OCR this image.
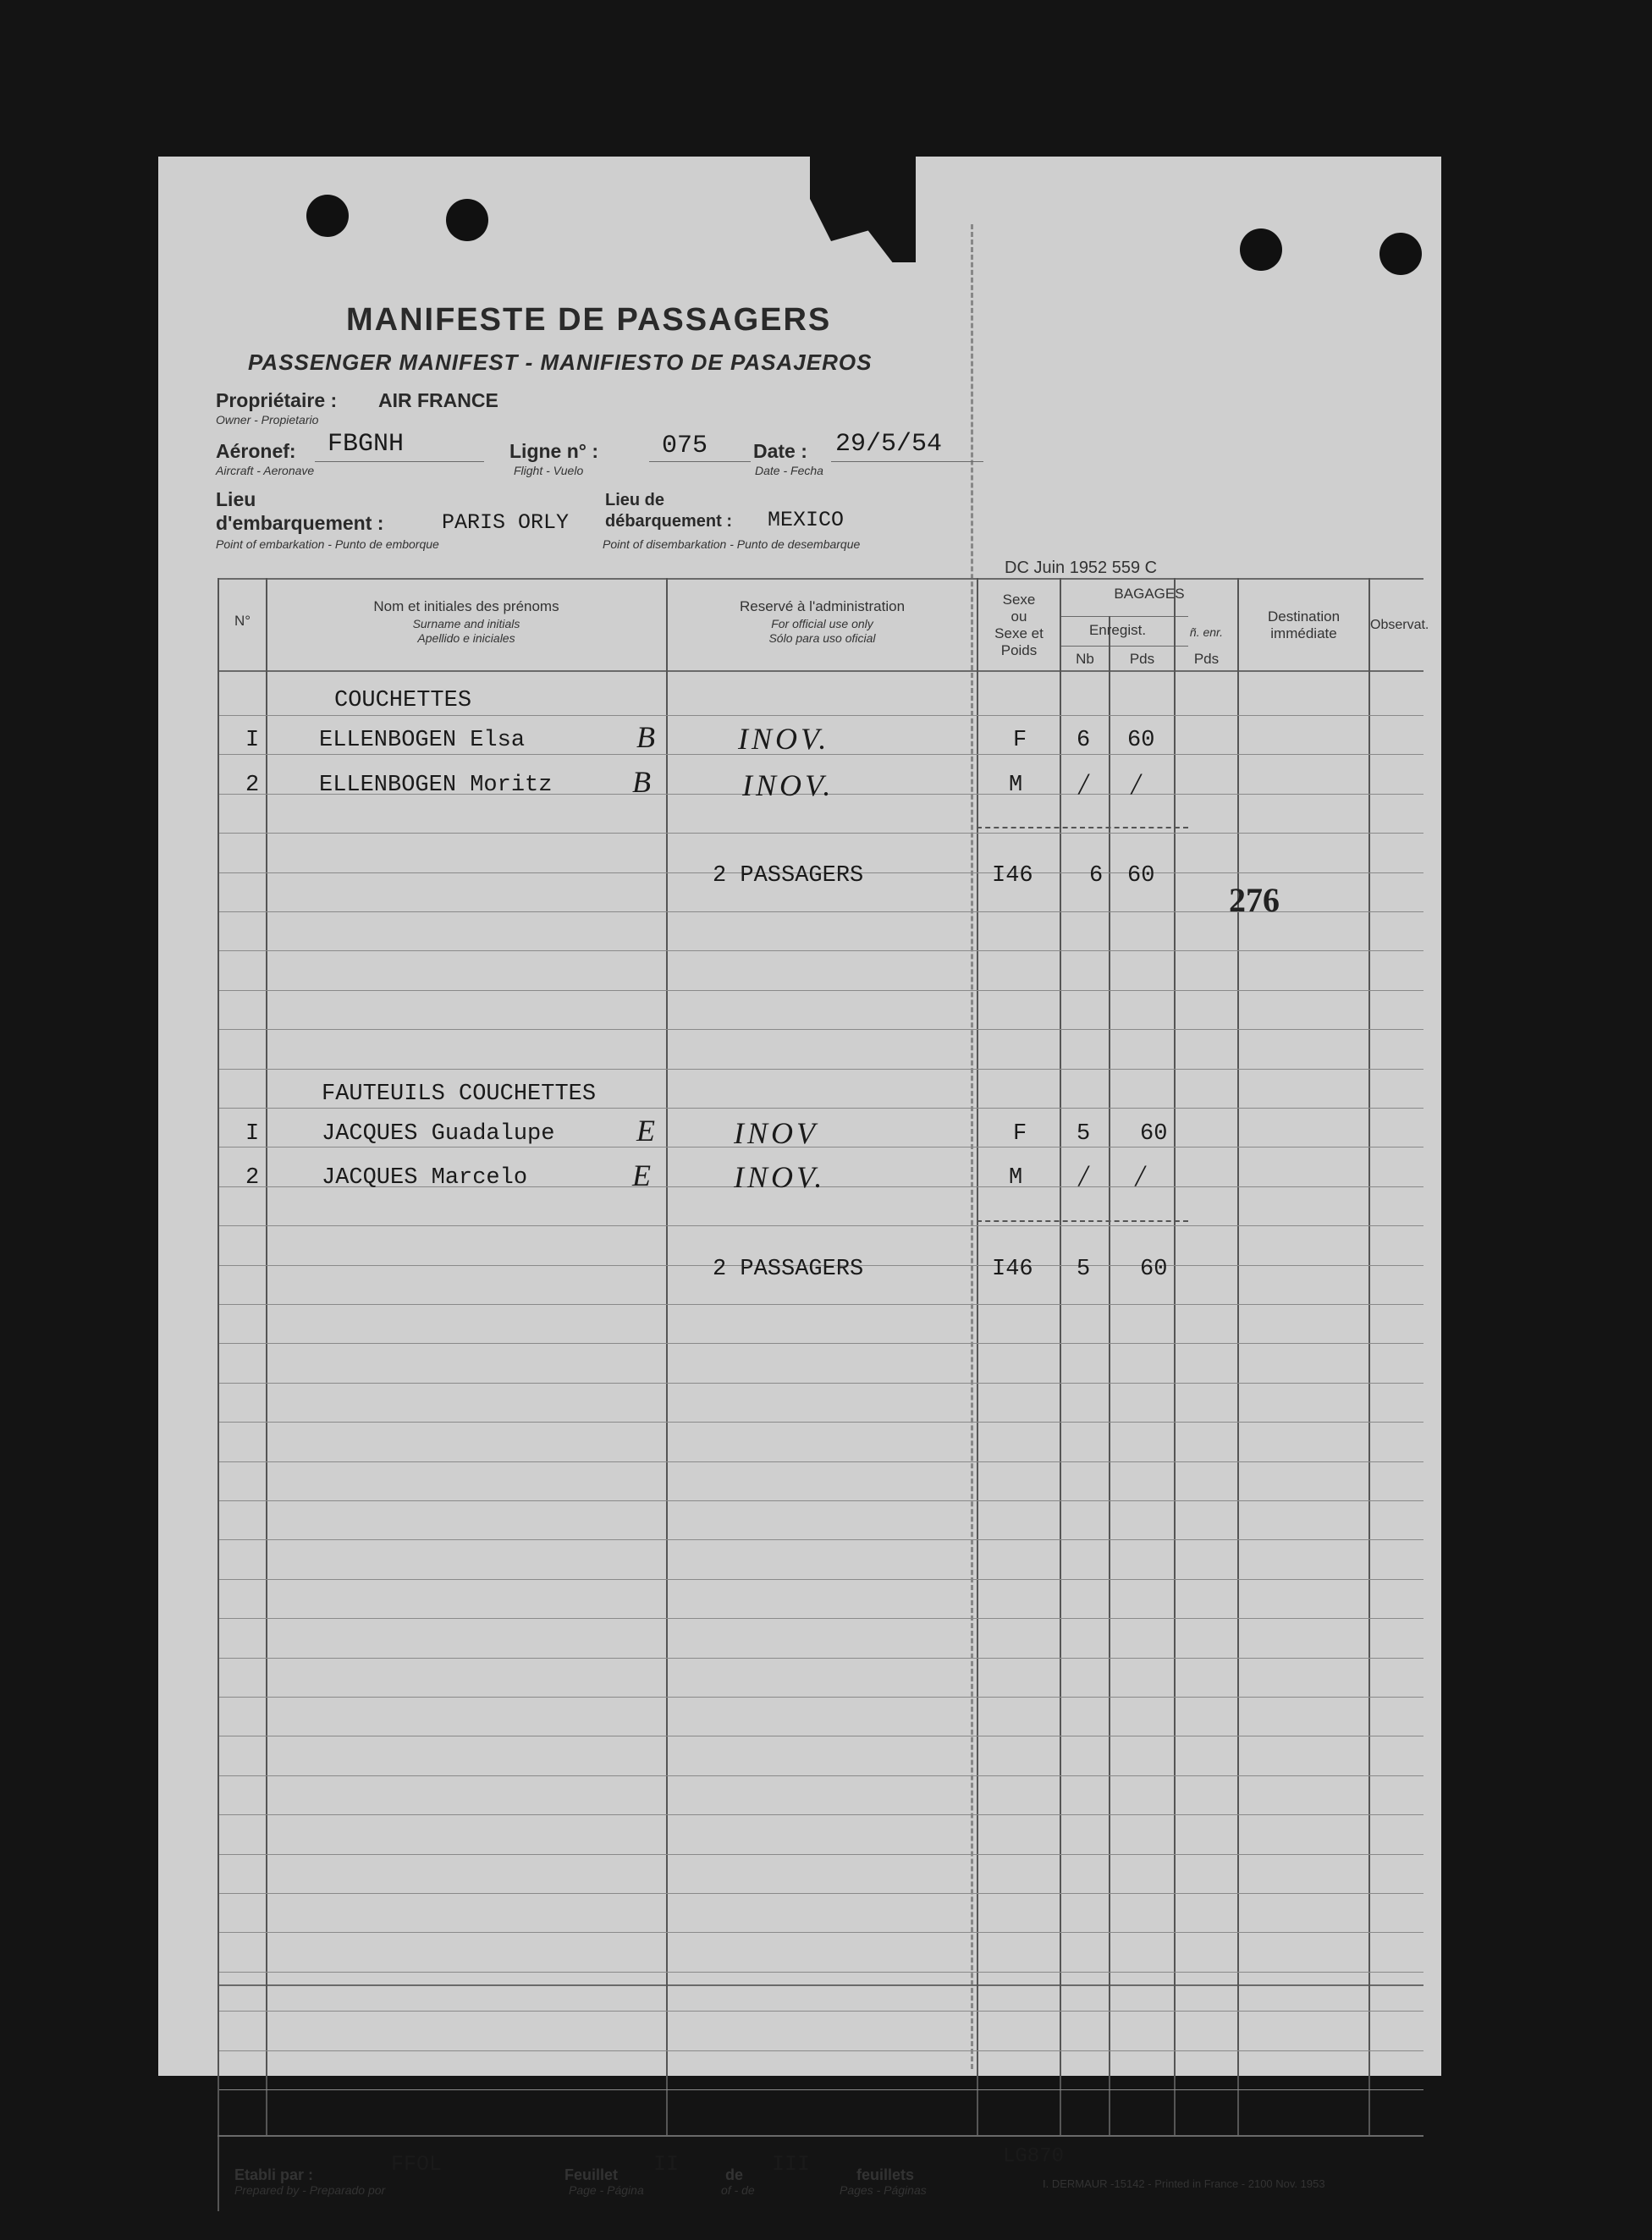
MANIFESTE DE PASSAGERS
PASSENGER MANIFEST - MANIFIESTO DE PASAJEROS
Propriétaire : AIR FRANCE
Owner - Propietario
Aéronef: FBGNH
Aircraft - Aeronave
Ligne n° : 075
Flight - Vuelo
Date : 29/5/54
Date - Fecha
Lieu
d'embarquement :	PARIS ORLY
Point of embarkation - Punto de emborque
Lieu de
débarquement : MEXICO
Point of disembarkation - Punto de desembarque
DC Juin 1952 559 C
N°
Nom et initiales des prénoms
Surname and initials
Apellido e iniciales
Reservé à l'administration
For official use only
Sólo para uso oficial
Sexe
ou
Sexe et
Poids
BAGAGES
Enregist.
Nb	Pds
ñ. enr.
Pds
Destination
immédiate
Observat.
COUCHETTES
I	ELLENBOGEN Elsa	B	INOV.	F 6 60
2	ELLENBOGEN Moritz	B	INOV.	M / /
2 PASSAGERS	I46 6 60
276
FAUTEUILS COUCHETTES
I	JACQUES Guadalupe	E INOV	F 5 60
2	JACQUES Marcelo	E	INOV.	M / /
2 PASSAGERS	I46 5 60
Etabli par :	FFOL
Prepared by - Preparado por
Feuillet II	de III	feuillets
Page - Página	of - de	Pages - Páginas
LG870
I. DERMAUR -15142 - Printed in France - 2100 Nov. 1953
